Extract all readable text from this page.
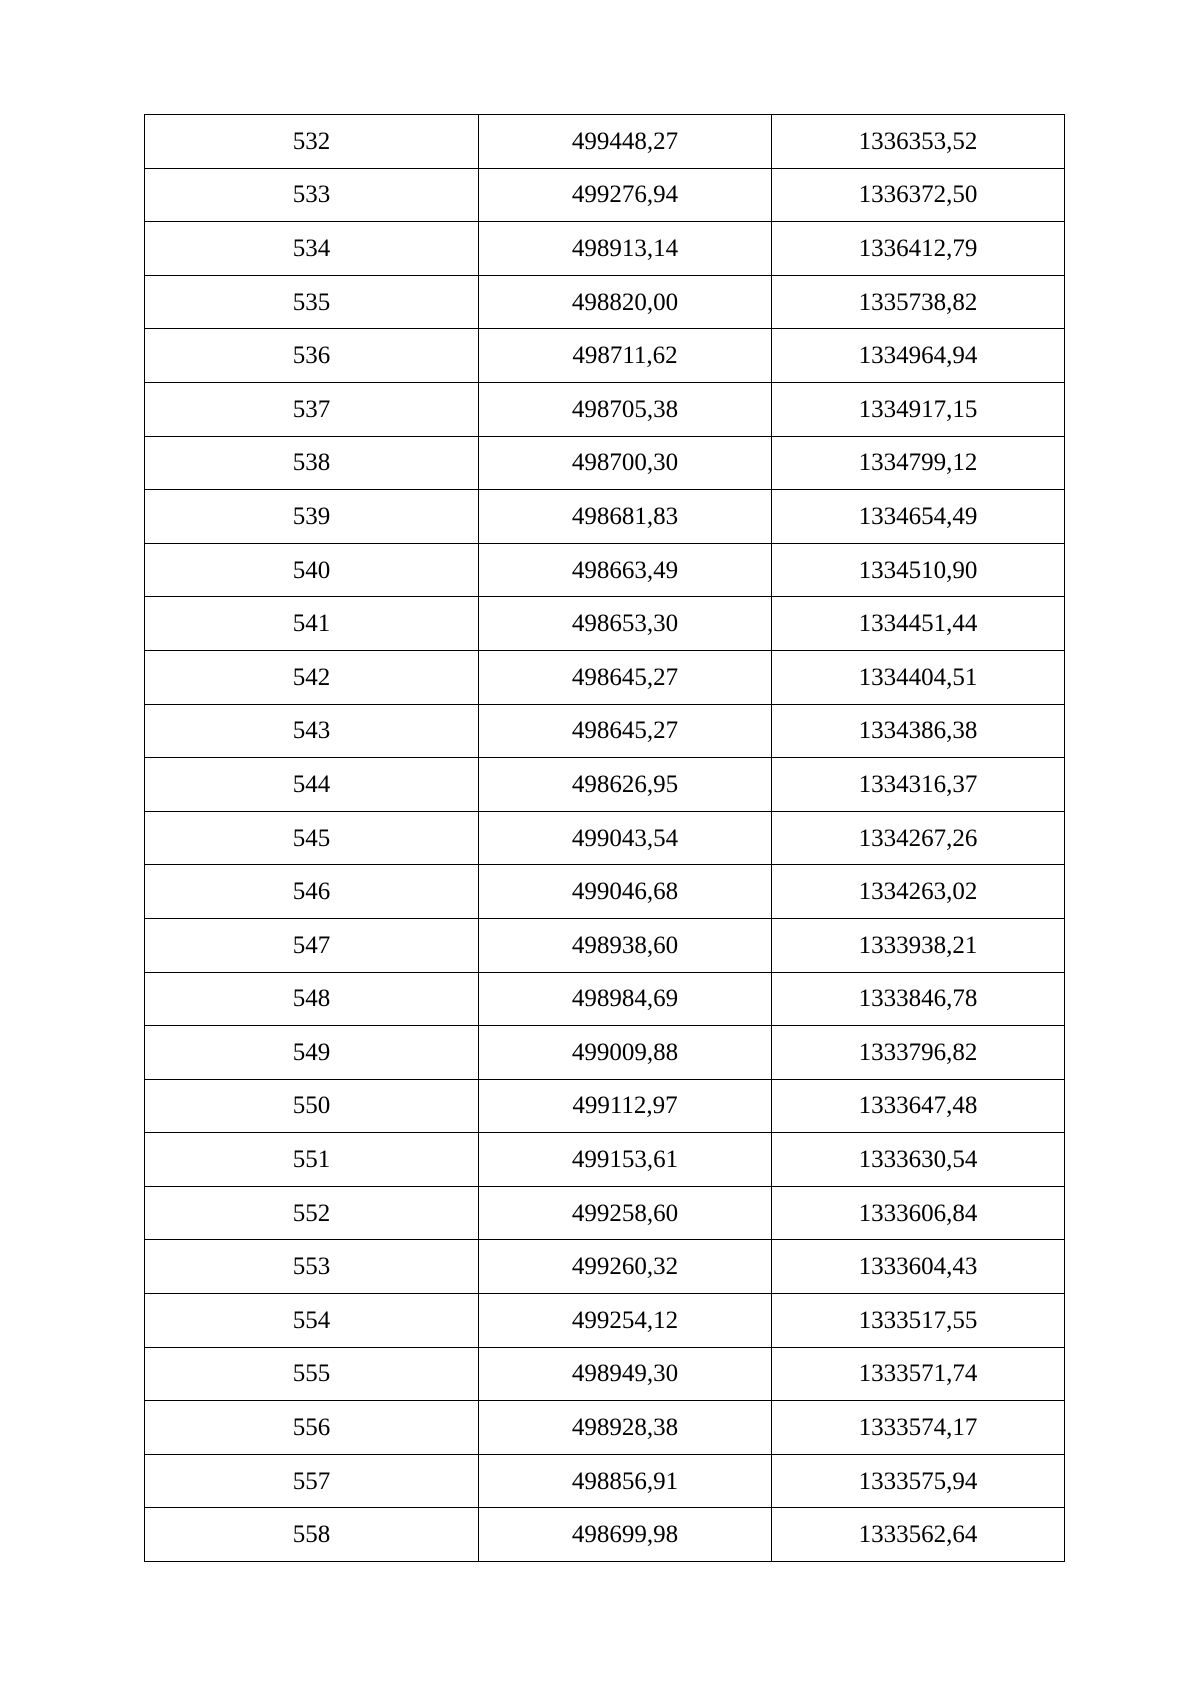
532	499448,27	1336353,52
533	499276,94	1336372,50
534	498913,14	1336412,79
535	498820,00	1335738,82
536	498711,62	1334964,94
537	498705,38	1334917,15
538	498700,30	1334799,12
539	498681,83	1334654,49
540	498663,49	1334510,90
541	498653,30	1334451,44
542	498645,27	1334404,51
543	498645,27	1334386,38
544	498626,95	1334316,37
545	499043,54	1334267,26
546	499046,68	1334263,02
547	498938,60	1333938,21
548	498984,69	1333846,78
549	499009,88	1333796,82
550	499112,97	1333647,48
551	499153,61	1333630,54
552	499258,60	1333606,84
553	499260,32	1333604,43
554	499254,12	1333517,55
555	498949,30	1333571,74
556	498928,38	1333574,17
557	498856,91	1333575,94
558	498699,98	1333562,64
